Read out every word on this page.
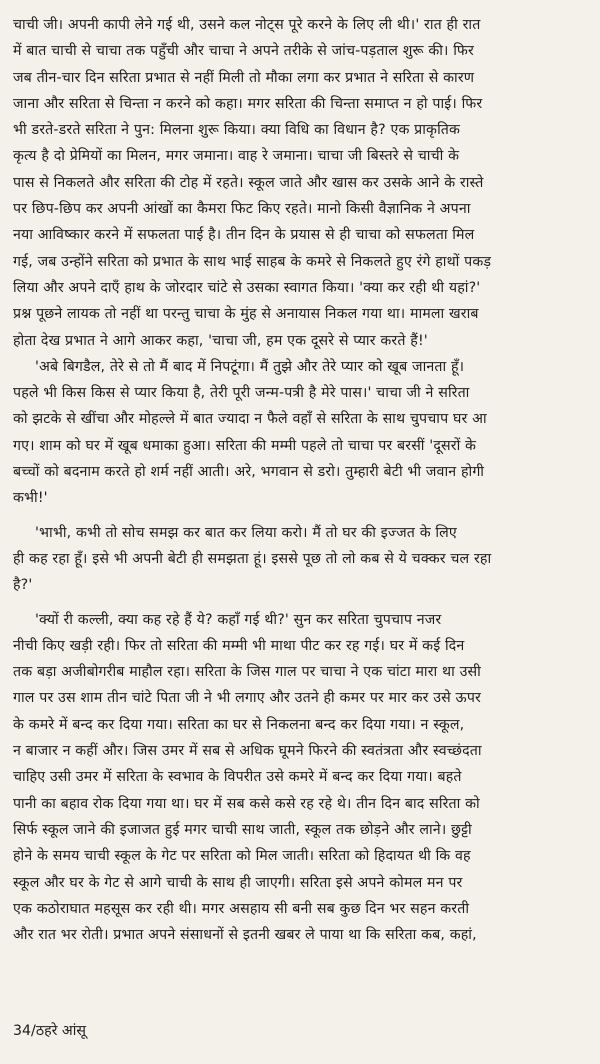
चाची जी। अपनी कापी लेने गई थी, उसने कल नोट्स पूरे करने के लिए ली थी।' रात ही रात
में बात चाची से चाचा तक पहुँची और चाचा ने अपने तरीके से जांच-पड़ताल शुरू की। फिर
जब तीन-चार दिन सरिता प्रभात से नहीं मिली तो मौका लगा कर प्रभात ने सरिता से कारण
जाना और सरिता से चिन्ता न करने को कहा। मगर सरिता की चिन्ता समाप्त न हो पाई। फिर
भी डरते-डरते सरिता ने पुन: मिलना शुरू किया। क्या विधि का विधान है? एक प्राकृतिक
कृत्य है दो प्रेमियों का मिलन, मगर जमाना। वाह रे जमाना। चाचा जी बिस्तरे से चाची के
पास से निकलते और सरिता की टोह में रहते। स्कूल जाते और खास कर उसके आने के रास्ते
पर छिप-छिप कर अपनी आंखों का कैमरा फिट किए रहते। मानो किसी वैज्ञानिक ने अपना
नया आविष्कार करने में सफलता पाई है। तीन दिन के प्रयास से ही चाचा को सफलता मिल
गई, जब उन्होंने सरिता को प्रभात के साथ भाई साहब के कमरे से निकलते हुए रंगे हाथों पकड़
लिया और अपने दाएँ हाथ के जोरदार चांटे से उसका स्वागत किया। 'क्या कर रही थी यहां?'
प्रश्न पूछने लायक तो नहीं था परन्तु चाचा के मुंह से अनायास निकल गया था। मामला खराब
होता देख प्रभात ने आगे आकर कहा, 'चाचा जी, हम एक दूसरे से प्यार करते हैं!'
'अबे बिगडैल, तेरे से तो मैं बाद में निपटूंगा। मैं तुझे और तेरे प्यार को खूब जानता हूँ।
पहले भी किस किस से प्यार किया है, तेरी पूरी जन्म-पत्री है मेरे पास।' चाचा जी ने सरिता
को झटके से खींचा और मोहल्ले में बात ज्यादा न फैले वहाँ से सरिता के साथ चुपचाप घर आ
गए। शाम को घर में खूब धमाका हुआ। सरिता की मम्मी पहले तो चाचा पर बरसीं 'दूसरों के
बच्चों को बदनाम करते हो शर्म नहीं आती। अरे, भगवान से डरो। तुम्हारी बेटी भी जवान होगी
कभी!'
'भाभी, कभी तो सोच समझ कर बात कर लिया करो। मैं तो घर की इज्जत के लिए
ही कह रहा हूँ। इसे भी अपनी बेटी ही समझता हूं। इससे पूछ तो लो कब से ये चक्कर चल रहा
है?'
'क्यों री कल्ली, क्या कह रहे हैं ये? कहाँ गई थी?' सुन कर सरिता चुपचाप नजर
नीची किए खड़ी रही। फिर तो सरिता की मम्मी भी माथा पीट कर रह गई। घर में कई दिन
तक बड़ा अजीबोगरीब माहौल रहा। सरिता के जिस गाल पर चाचा ने एक चांटा मारा था उसी
गाल पर उस शाम तीन चांटे पिता जी ने भी लगाए और उतने ही कमर पर मार कर उसे ऊपर
के कमरे में बन्द कर दिया गया। सरिता का घर से निकलना बन्द कर दिया गया। न स्कूल,
न बाजार न कहीं और। जिस उमर में सब से अधिक घूमने फिरने की स्वतंत्रता और स्वच्छंदता
चाहिए उसी उमर में सरिता के स्वभाव के विपरीत उसे कमरे में बन्द कर दिया गया। बहते
पानी का बहाव रोक दिया गया था। घर में सब कसे कसे रह रहे थे। तीन दिन बाद सरिता को
सिर्फ स्कूल जाने की इजाजत हुई मगर चाची साथ जाती, स्कूल तक छोड़ने और लाने। छुट्टी
होने के समय चाची स्कूल के गेट पर सरिता को मिल जाती। सरिता को हिदायत थी कि वह
स्कूल और घर के गेट से आगे चाची के साथ ही जाएगी। सरिता इसे अपने कोमल मन पर
एक कठोराघात महसूस कर रही थी। मगर असहाय सी बनी सब कुछ दिन भर सहन करती
और रात भर रोती। प्रभात अपने संसाधनों से इतनी खबर ले पाया था कि सरिता कब, कहां,
34/ठहरे आंसू
